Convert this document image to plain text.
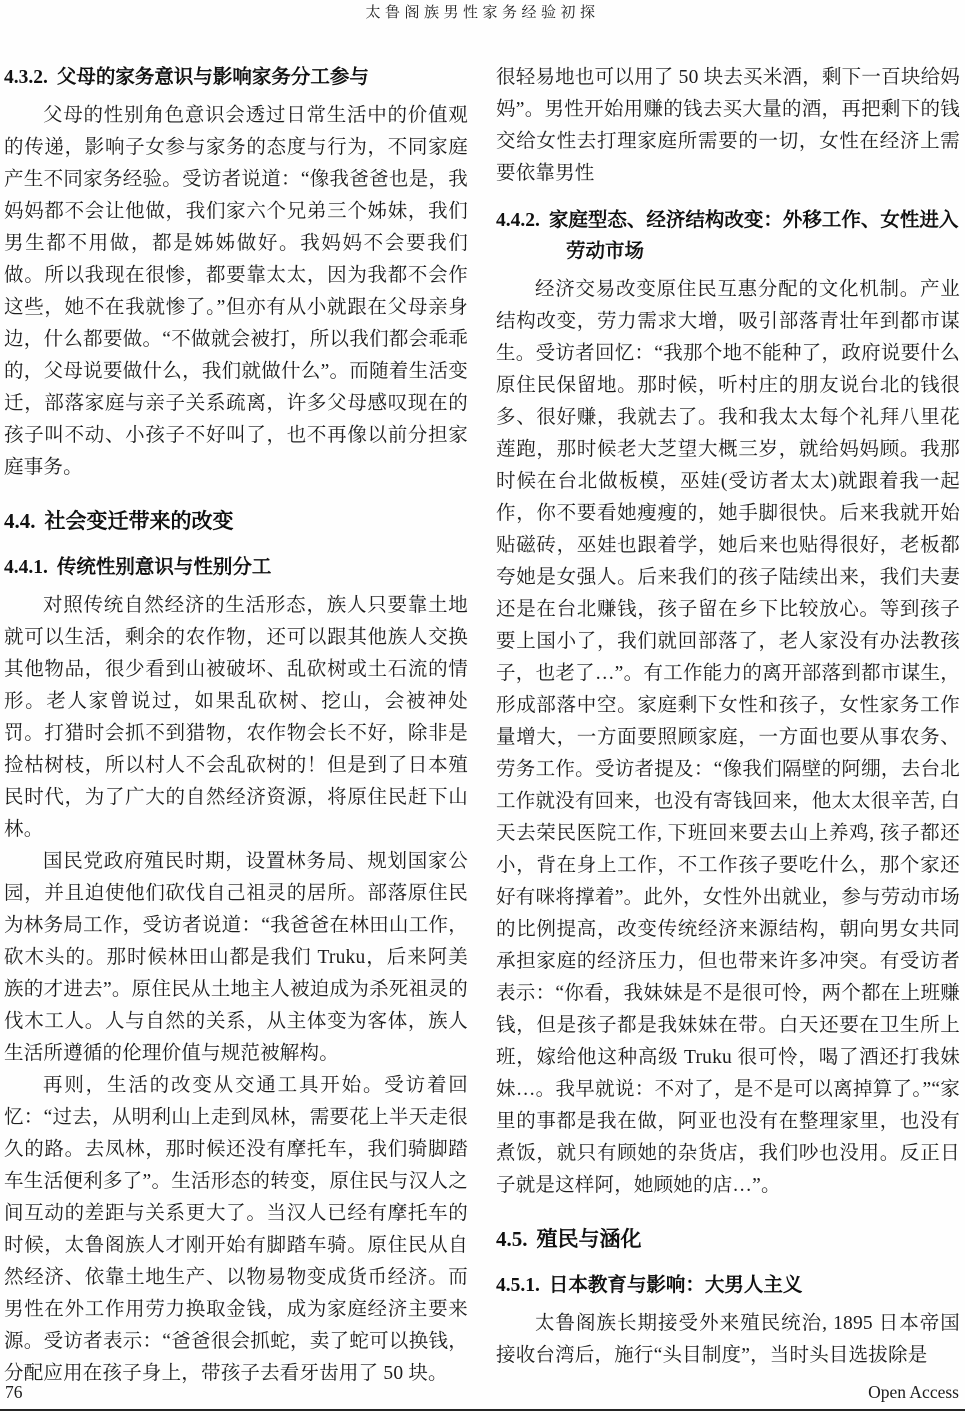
太鲁阁族男性家务经验初探
4.3.2. 父母的家务意识与影响家务分工参与

父母的性别角色意识会透过日常生活中的价值观的传递，影响子女参与家务的态度与行为，不同家庭产生不同家务经验。受访者说道：“像我爸爸也是，我妈妈都不会让他做，我们家六个兄弟三个姊妹，我们男生都不用做，都是姊姊做好。我妈妈不会要我们做。所以我现在很惨，都要靠太太，因为我都不会作这些，她不在我就惨了。”但亦有从小就跟在父母亲身边，什么都要做。“不做就会被打，所以我们都会乖乖的，父母说要做什么，我们就做什么”。而随着生活变迁，部落家庭与亲子关系疏离，许多父母感叹现在的孩子叫不动、小孩子不好叫了，也不再像以前分担家庭事务。

4.4. 社会变迁带来的改变
4.4.1. 传统性别意识与性别分工

对照传统自然经济的生活形态，族人只要靠土地就可以生活，剩余的农作物，还可以跟其他族人交换其他物品，很少看到山被破坏、乱砍树或土石流的情形。老人家曾说过，如果乱砍树、挖山，会被神处罚。打猎时会抓不到猎物，农作物会长不好，除非是捡枯树枝，所以村人不会乱砍树的！但是到了日本殖民时代，为了广大的自然经济资源，将原住民赶下山林。

国民党政府殖民时期，设置林务局、规划国家公园，并且迫使他们砍伐自己祖灵的居所。部落原住民为林务局工作，受访者说道：“我爸爸在林田山工作，砍木头的。那时候林田山都是我们 Truku，后来阿美族的才进去”。原住民从土地主人被迫成为杀死祖灵的伐木工人。人与自然的关系，从主体变为客体，族人生活所遵循的伦理价值与规范被解构。

再则，生活的改变从交通工具开始。受访着回忆：“过去，从明利山上走到凤林，需要花上半天走很久的路。去凤林，那时候还没有摩托车，我们骑脚踏车生活便利多了”。生活形态的转变，原住民与汉人之间互动的差距与关系更大了。当汉人已经有摩托车的时候，太鲁阁族人才刚开始有脚踏车骑。原住民从自然经济、依靠土地生产、以物易物变成货币经济。而男性在外工作用劳力换取金钱，成为家庭经济主要来源。受访者表示：“爸爸很会抓蛇，卖了蛇可以换钱，分配应用在孩子身上，带孩子去看牙齿用了 50 块。

很轻易地也可以用了 50 块去买米酒，剩下一百块给妈妈”。男性开始用赚的钱去买大量的酒，再把剩下的钱交给女性去打理家庭所需要的一切，女性在经济上需要依靠男性

4.4.2. 家庭型态、经济结构改变：外移工作、女性进入劳动市场

经济交易改变原住民互惠分配的文化机制。产业结构改变，劳力需求大增，吸引部落青壮年到都市谋生。受访者回忆：“我那个地不能种了，政府说要什么原住民保留地。那时候，听村庄的朋友说台北的钱很多、很好赚，我就去了。我和我太太每个礼拜八里花莲跑，那时候老大芝望大概三岁，就给妈妈顾。我那时候在台北做板模，巫娃(受访者太太)就跟着我一起作，你不要看她瘦瘦的，她手脚很快。后来我就开始贴磁砖，巫娃也跟着学，她后来也贴得很好，老板都夸她是女强人。后来我们的孩子陆续出来，我们夫妻还是在台北赚钱，孩子留在乡下比较放心。等到孩子要上国小了，我们就回部落了，老人家没有办法教孩子，也老了…”。有工作能力的离开部落到都市谋生，形成部落中空。家庭剩下女性和孩子，女性家务工作量增大，一方面要照顾家庭，一方面也要从事农务、劳务工作。受访者提及：“像我们隔壁的阿绷，去台北工作就没有回来，也没有寄钱回来，他太太很辛苦, 白天去荣民医院工作, 下班回来要去山上养鸡, 孩子都还小，背在身上工作，不工作孩子要吃什么，那个家还好有咪将撑着”。此外，女性外出就业，参与劳动市场的比例提高，改变传统经济来源结构，朝向男女共同承担家庭的经济压力，但也带来许多冲突。有受访者表示：“你看，我妹妹是不是很可怜，两个都在上班赚钱，但是孩子都是我妹妹在带。白天还要在卫生所上班，嫁给他这种高级 Truku 很可怜，喝了酒还打我妹妹…。我早就说：不对了，是不是可以离掉算了。”“家里的事都是我在做，阿亚也没有在整理家里，也没有煮饭，就只有顾她的杂货店，我们吵也没用。反正日子就是这样阿，她顾她的店…”。

4.5. 殖民与涵化
4.5.1. 日本教育与影响：大男人主义

太鲁阁族长期接受外来殖民统治, 1895 日本帝国接收台湾后，施行“头目制度”，当时头目选拔除是

76	Open Access
